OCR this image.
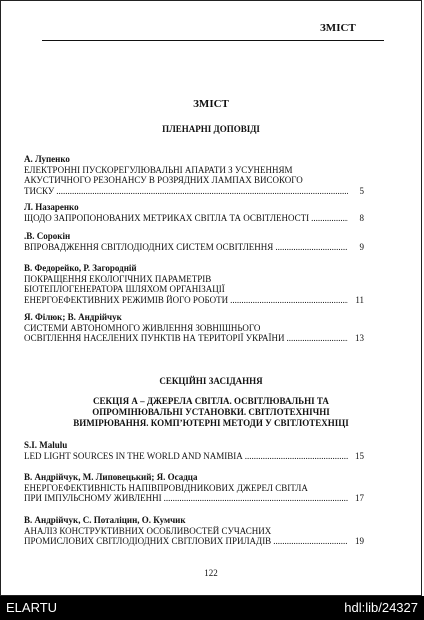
ЗМІСТ
ЗМІСТ
ПЛЕНАРНІ ДОПОВІДІ
А. Лупенко
ЕЛЕКТРОННІ ПУСКОРЕГУЛЮВАЛЬНІ АПАРАТИ З УСУНЕННЯМ
АКУСТИЧНОГО РЕЗОНАНСУ В РОЗРЯДНИХ ЛАМПАХ ВИСОКОГО
ТИСКУ .....	5
Л. Назаренко
ЩОДО ЗАПРОПОНОВАНИХ МЕТРИКАХ СВІТЛА ТА ОСВІТЛЕНОСТІ .....	8
.В. Сорокін
ВПРОВАДЖЕННЯ СВІТЛОДІОДНИХ СИСТЕМ ОСВІТЛЕННЯ .....	9
В. Федорейко, Р. Загородній
ПОКРАЩЕННЯ ЕКОЛОГІЧНИХ ПАРАМЕТРІВ
БІОТЕПЛОГЕНЕРАТОРА ШЛЯХОМ ОРГАНІЗАЦІЇ
ЕНЕРГОЕФЕКТИВНИХ РЕЖИМІВ ЙОГО РОБОТИ .....	11
Я. Філюк; В. Андрійчук
СИСТЕМИ АВТОНОМНОГО ЖИВЛЕННЯ ЗОВНІШНЬОГО
ОСВІТЛЕННЯ НАСЕЛЕНИХ ПУНКТІВ НА ТЕРИТОРІЇ УКРАЇНИ .....	13
СЕКЦІЙНІ ЗАСІДАННЯ
СЕКЦІЯ А – ДЖЕРЕЛА СВІТЛА. ОСВІТЛЮВАЛЬНІ ТА
ОПРОМІНЮВАЛЬНІ УСТАНОВКИ. СВІТЛОТЕХНІЧНІ
ВИМІРЮВАННЯ. КОМП’ЮТЕРНІ МЕТОДИ У СВІТЛОТЕХНІЦІ
S.I. Malulu
LED LIGHT SOURCES IN THE WORLD AND NAMIBIA .....	15
В. Андрійчук, М. Липовецький; Я. Осадца
ЕНЕРГОЕФЕКТИВНІСТЬ НАПІВПРОВІДНИКОВИХ ДЖЕРЕЛ СВІТЛА
ПРИ ІМПУЛЬСНОМУ ЖИВЛЕННІ .....	17
В. Андрійчук, С. Поталіцин, О. Кумчик
АНАЛІЗ КОНСТРУКТИВНИХ ОСОБЛИВОСТЕЙ СУЧАСНИХ
ПРОМИСЛОВИХ СВІТЛОДІОДНИХ СВІТЛОВИХ ПРИЛАДІВ .....	19
122
ELARTU	hdl:lib/24327
